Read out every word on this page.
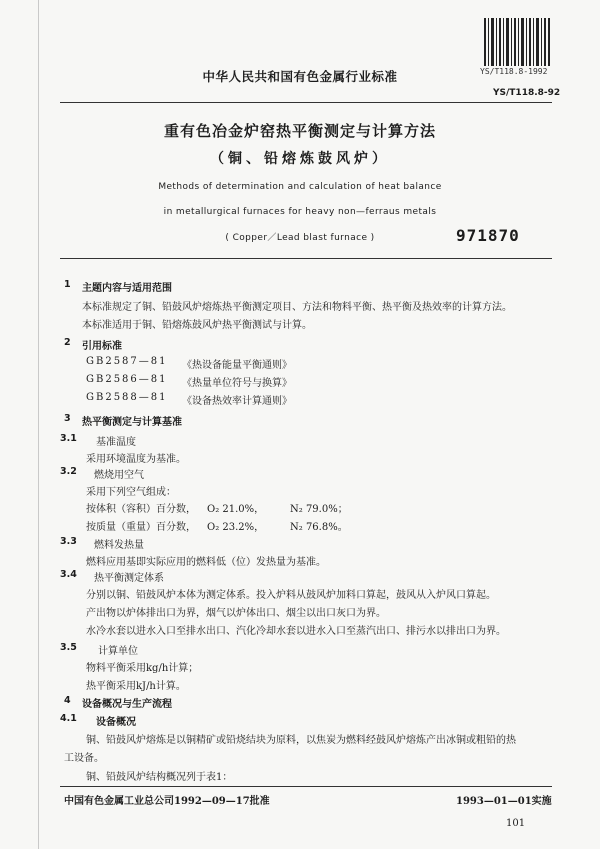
YS/T118.8-1992
中华人民共和国有色金属行业标准
YS/T118.8-92
重有色冶金炉窑热平衡测定与计算方法
（铜、铅熔炼鼓风炉）
Methods of determination and calculation of heat balance
in metallurgical furnaces for heavy non—ferraus metals
( Copper／Lead blast furnace )	971870
1 主题内容与适用范围
本标准规定了铜、铅鼓风炉熔炼热平衡测定项目、方法和物料平衡、热平衡及热效率的计算方法。
本标准适用于铜、铅熔炼鼓风炉热平衡测试与计算。
2 引用标准
GB2587—81 《热设备能量平衡通则》
GB2586—81 《热量单位符号与换算》
GB2588—81 《设备热效率计算通则》
3 热平衡测定与计算基准
3.1 基准温度
采用环境温度为基准。
3.2 燃烧用空气
采用下列空气组成：
按体积（容积）百分数， O₂ 21.0%，	N₂ 79.0%；
按质量（重量）百分数， O₂ 23.2%，	N₂ 76.8%。
3.3 燃料发热量
燃料应用基即实际应用的燃料低（位）发热量为基准。
3.4 热平衡测定体系
分别以铜、铅鼓风炉本体为测定体系。投入炉料从鼓风炉加料口算起，鼓风从入炉风口算起。
产出物以炉体排出口为界，烟气以炉体出口、烟尘以出口灰口为界。
水冷水套以进水入口至排水出口、汽化冷却水套以进水入口至蒸汽出口、排污水以排出口为界。
3.5 计算单位
物料平衡采用kg/h计算；
热平衡采用kJ/h计算。
4 设备概况与生产流程
4.1 设备概况
铜、铅鼓风炉熔炼是以铜精矿或铅烧结块为原料，以焦炭为燃料经鼓风炉熔炼产出冰铜或粗铅的热
工设备。
铜、铅鼓风炉结构概况列于表1：
中国有色金属工业总公司1992—09—17批准	1993—01—01实施
101
